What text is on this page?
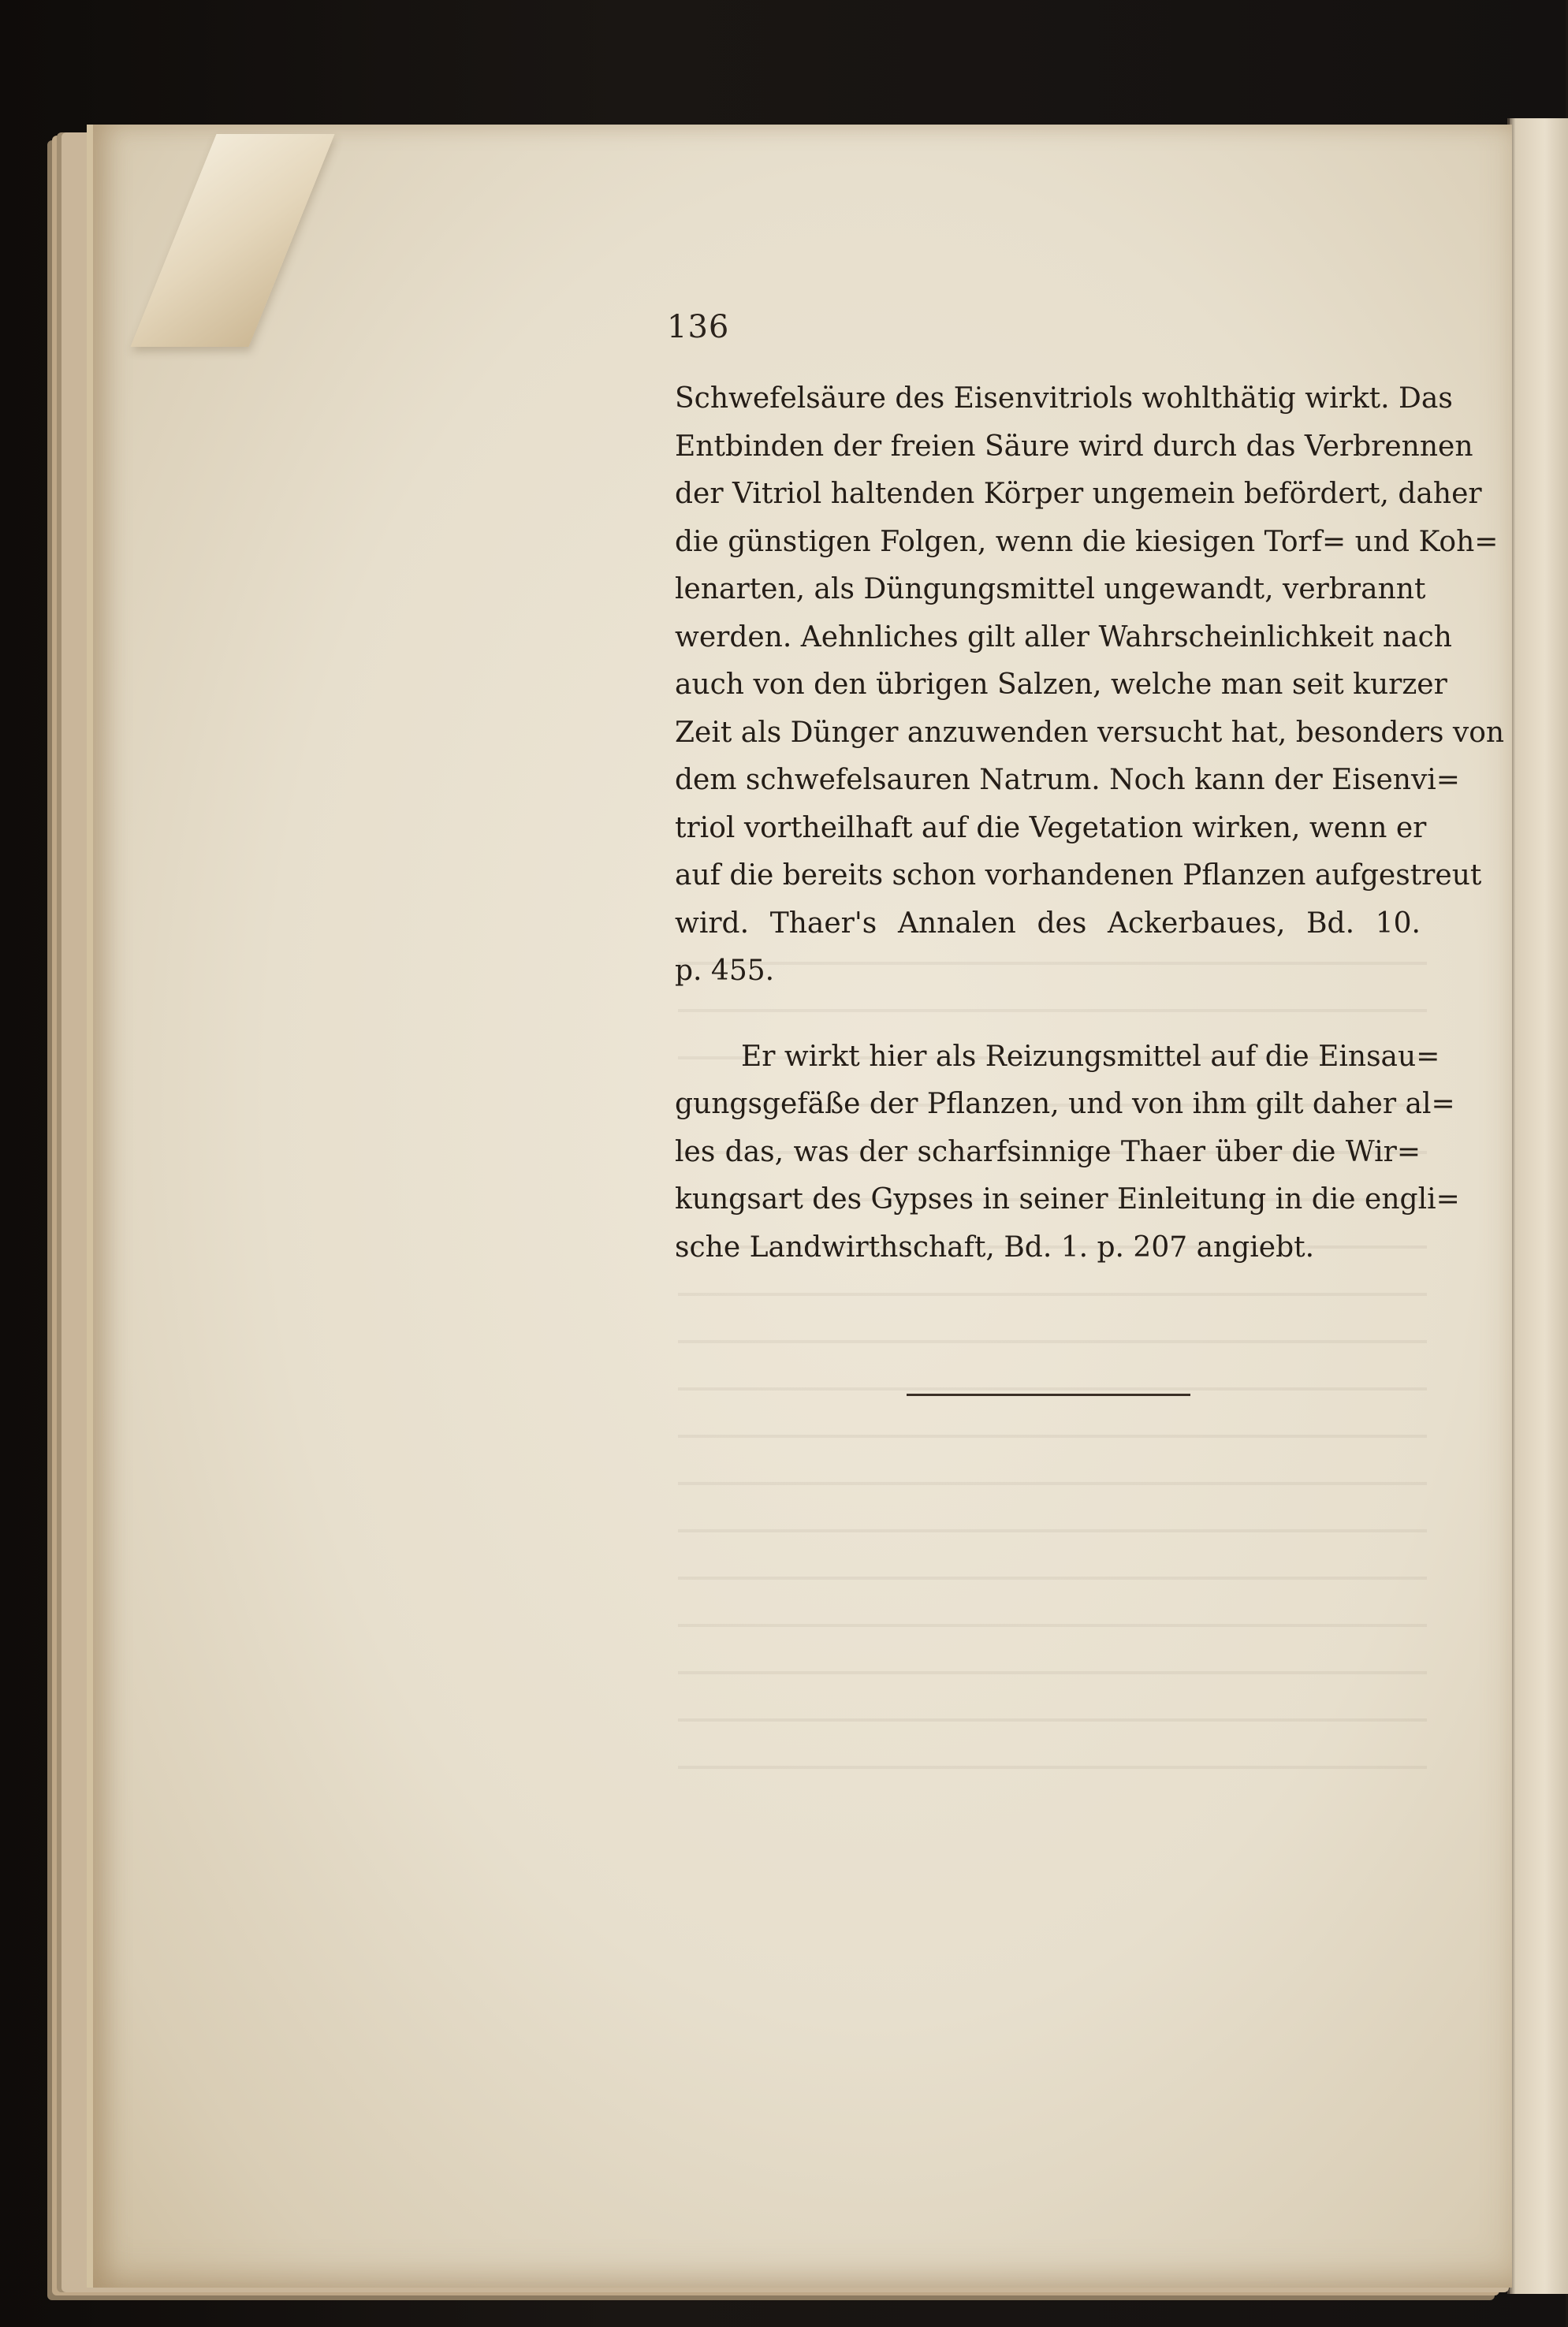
136
Schwefelsäure des Eisenvitriols wohlthätig wirkt. Das
Entbinden der freien Säure wird durch das Verbrennen
der Vitriol haltenden Körper ungemein befördert, daher
die günstigen Folgen, wenn die kiesigen Torf= und Koh=
lenarten, als Düngungsmittel ungewandt, verbrannt
werden. Aehnliches gilt aller Wahrscheinlichkeit nach
auch von den übrigen Salzen, welche man seit kurzer
Zeit als Dünger anzuwenden versucht hat, besonders von
dem schwefelsauren Natrum. Noch kann der Eisenvi=
triol vortheilhaft auf die Vegetation wirken, wenn er
auf die bereits schon vorhandenen Pflanzen aufgestreut
wird. Thaer's Annalen des Ackerbaues, Bd. 10.
p. 455.
Er wirkt hier als Reizungsmittel auf die Einsau=
gungsgefäße der Pflanzen, und von ihm gilt daher al=
les das, was der scharfsinnige Thaer über die Wir=
kungsart des Gypses in seiner Einleitung in die engli=
sche Landwirthschaft, Bd. 1. p. 207 angiebt.
